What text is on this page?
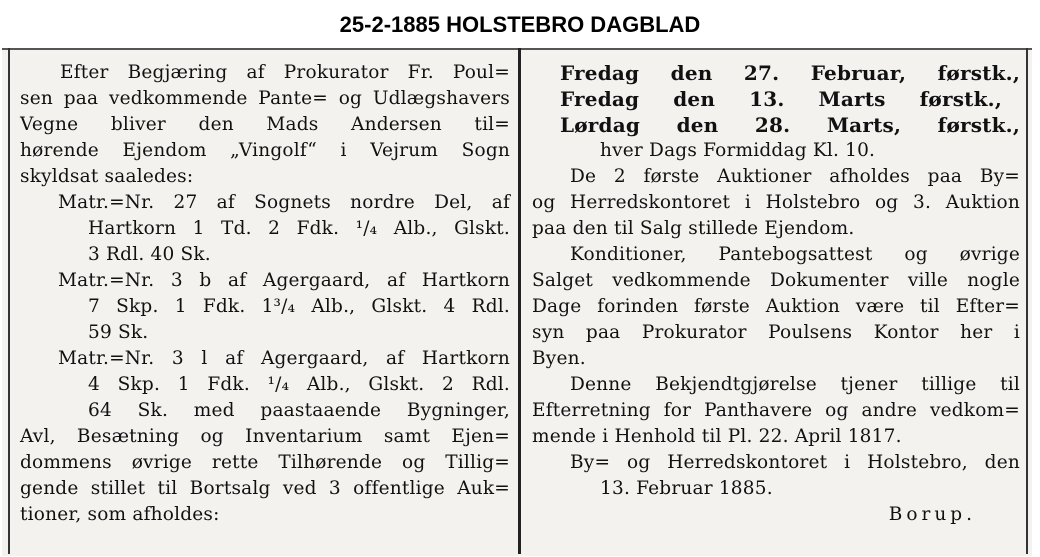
25-2-1885 HOLSTEBRO DAGBLAD
Efter Begjæring af Prokurator Fr. Poul=
sen paa vedkommende Pante= og Udlægshavers
Vegne bliver den Mads Andersen til=
hørende Ejendom „Vingolf“ i Vejrum Sogn
skyldsat saaledes:
Matr.=Nr. 27 af Sognets nordre Del, af
Hartkorn 1 Td. 2 Fdk. ¹/₄ Alb., Glskt.
3 Rdl. 40 Sk.
Matr.=Nr. 3 b af Agergaard, af Hartkorn
7 Skp. 1 Fdk. 1³/₄ Alb., Glskt. 4 Rdl.
59 Sk.
Matr.=Nr. 3 l af Agergaard, af Hartkorn
4 Skp. 1 Fdk. ¹/₄ Alb., Glskt. 2 Rdl.
64 Sk. med paastaaende Bygninger,
Avl, Besætning og Inventarium samt Ejen=
dommens øvrige rette Tilhørende og Tillig=
gende stillet til Bortsalg ved 3 offentlige Auk=
tioner, som afholdes:
Fredag den 27. Februar, førstk.,
Fredag den 13. Marts førstk.,
Lørdag den 28. Marts, førstk.,
hver Dags Formiddag Kl. 10.
De 2 første Auktioner afholdes paa By=
og Herredskontoret i Holstebro og 3. Auktion
paa den til Salg stillede Ejendom.
Konditioner, Pantebogsattest og øvrige
Salget vedkommende Dokumenter ville nogle
Dage forinden første Auktion være til Efter=
syn paa Prokurator Poulsens Kontor her i
Byen.
Denne Bekjendtgjørelse tjener tillige til
Efterretning for Panthavere og andre vedkom=
mende i Henhold til Pl. 22. April 1817.
By= og Herredskontoret i Holstebro, den
13. Februar 1885.
Borup.
